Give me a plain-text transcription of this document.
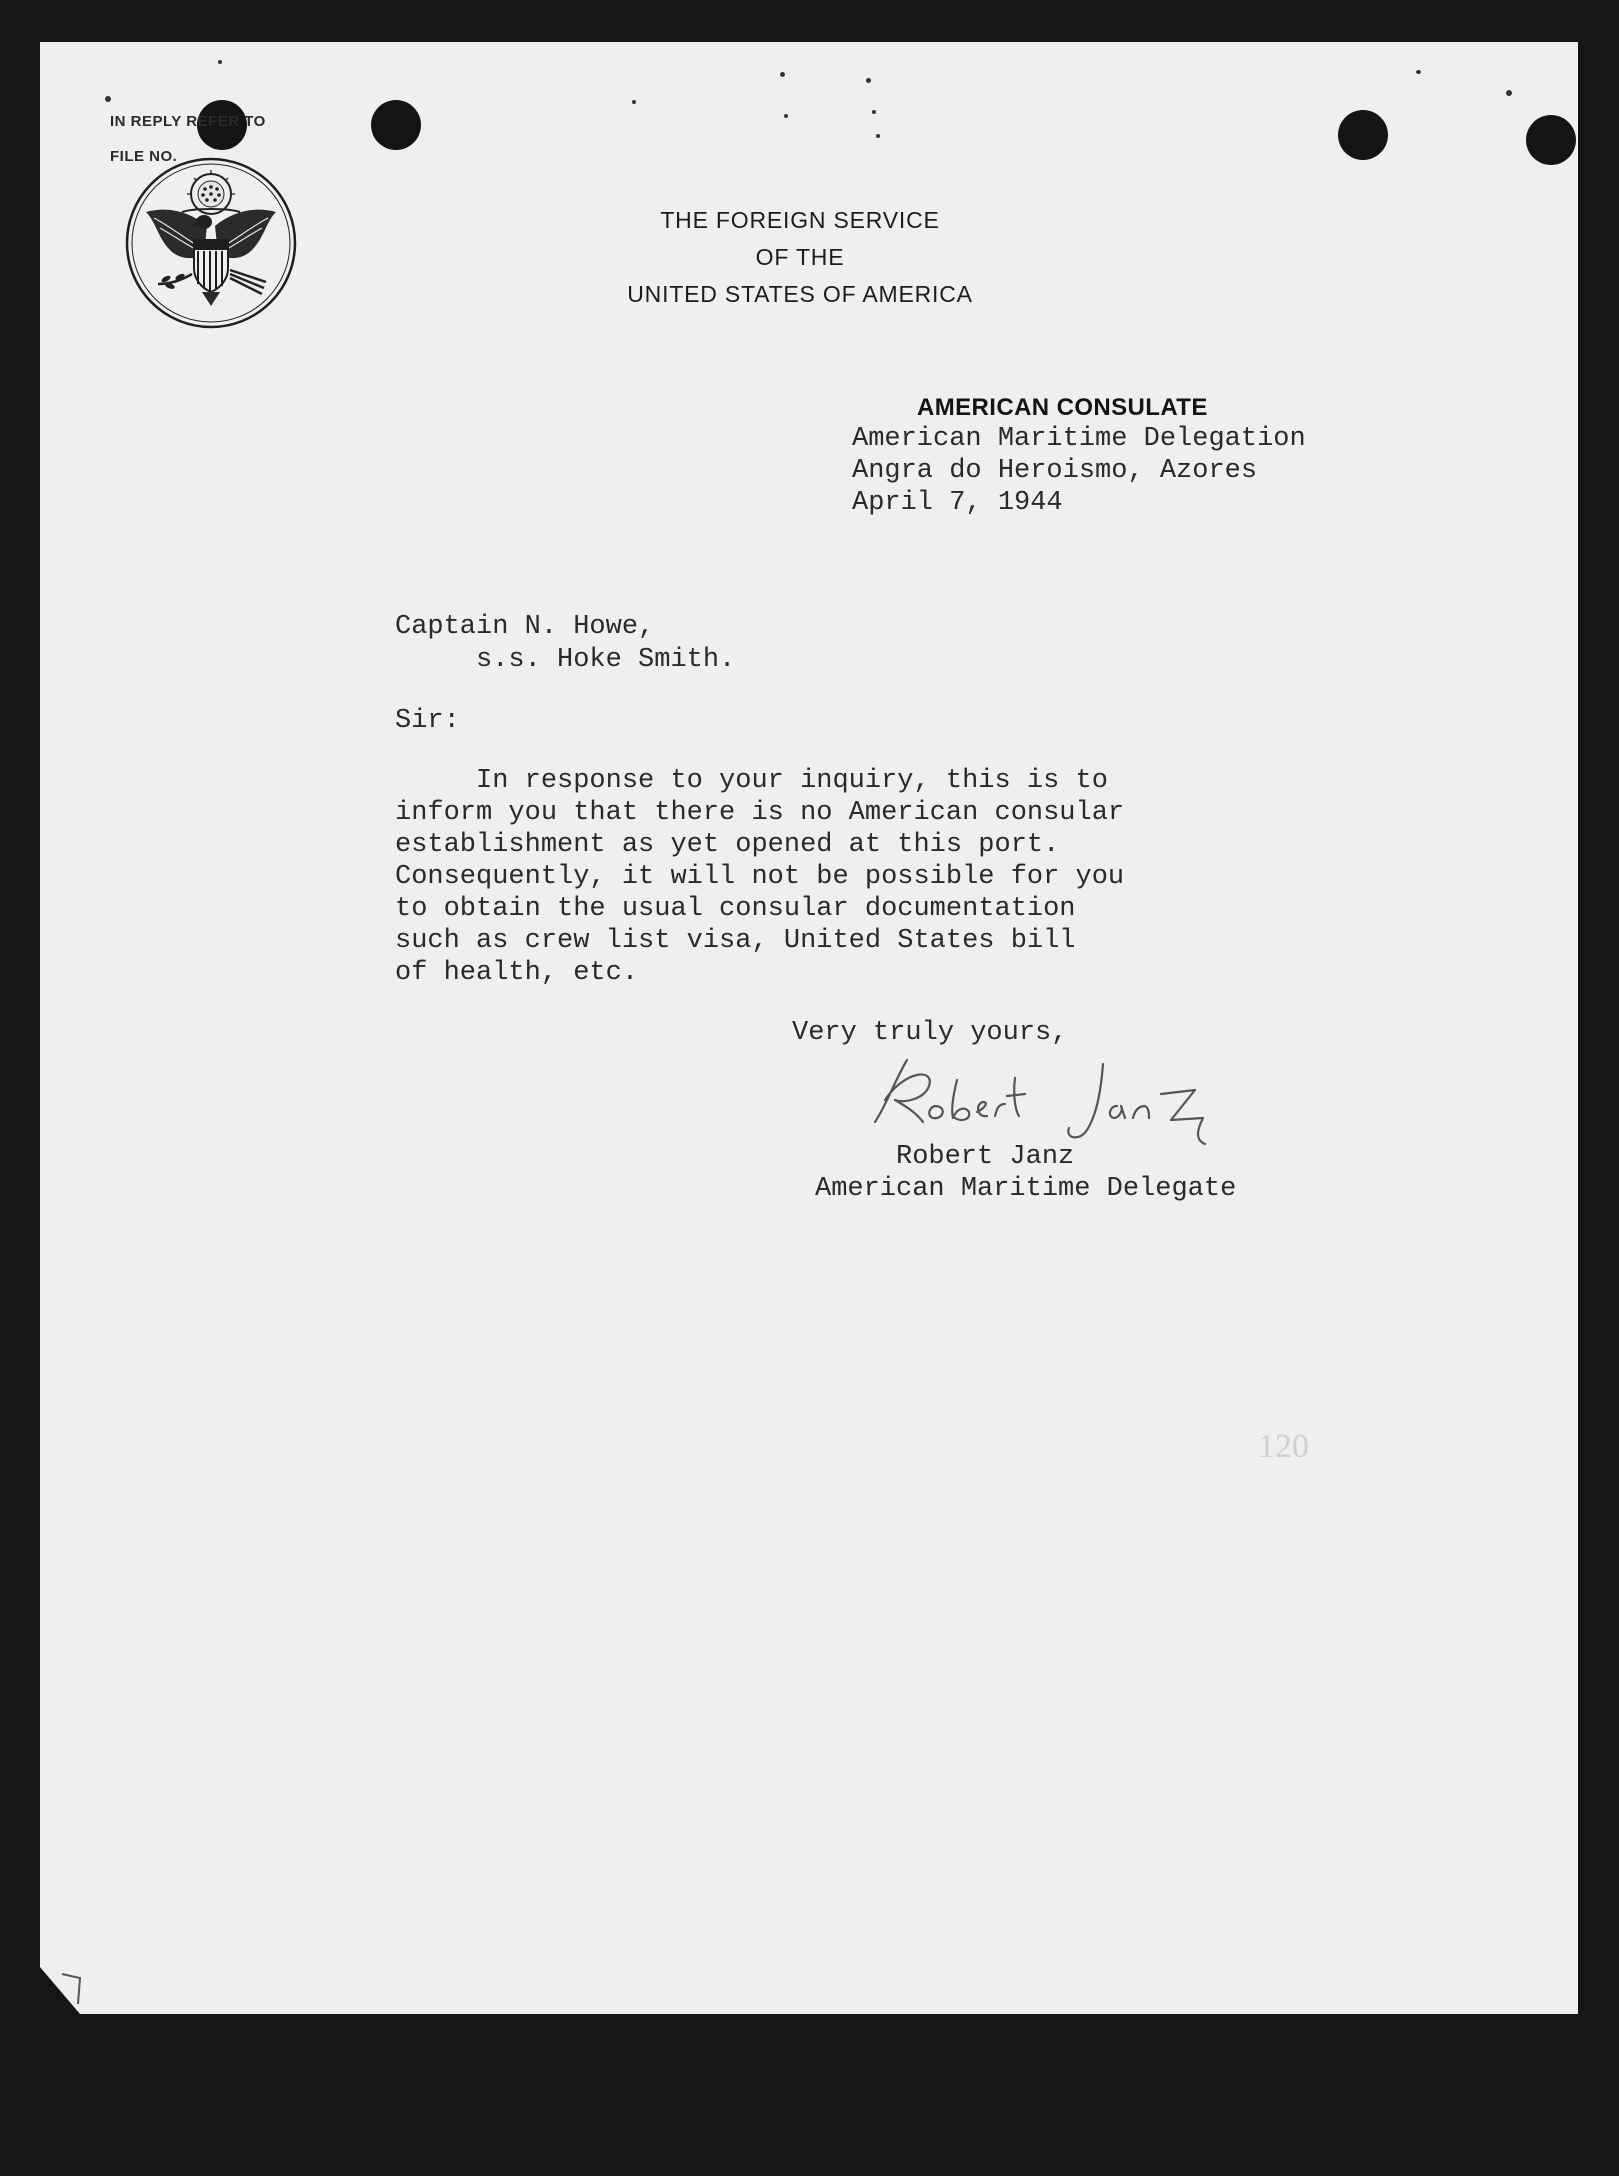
IN REPLY REFER TO
FILE NO.
THE FOREIGN SERVICE
OF THE
UNITED STATES OF AMERICA
AMERICAN CONSULATE
American Maritime Delegation
Angra do Heroismo, Azores
April 7, 1944
Captain N. Howe,
s.s. Hoke Smith.
Sir:
In response to your inquiry, this is to
inform you that there is no American consular
establishment as yet opened at this port.
Consequently, it will not be possible for you
to obtain the usual consular documentation
such as crew list visa, United States bill
of health, etc.
Very truly yours,
Robert Janz
American Maritime Delegate
120
